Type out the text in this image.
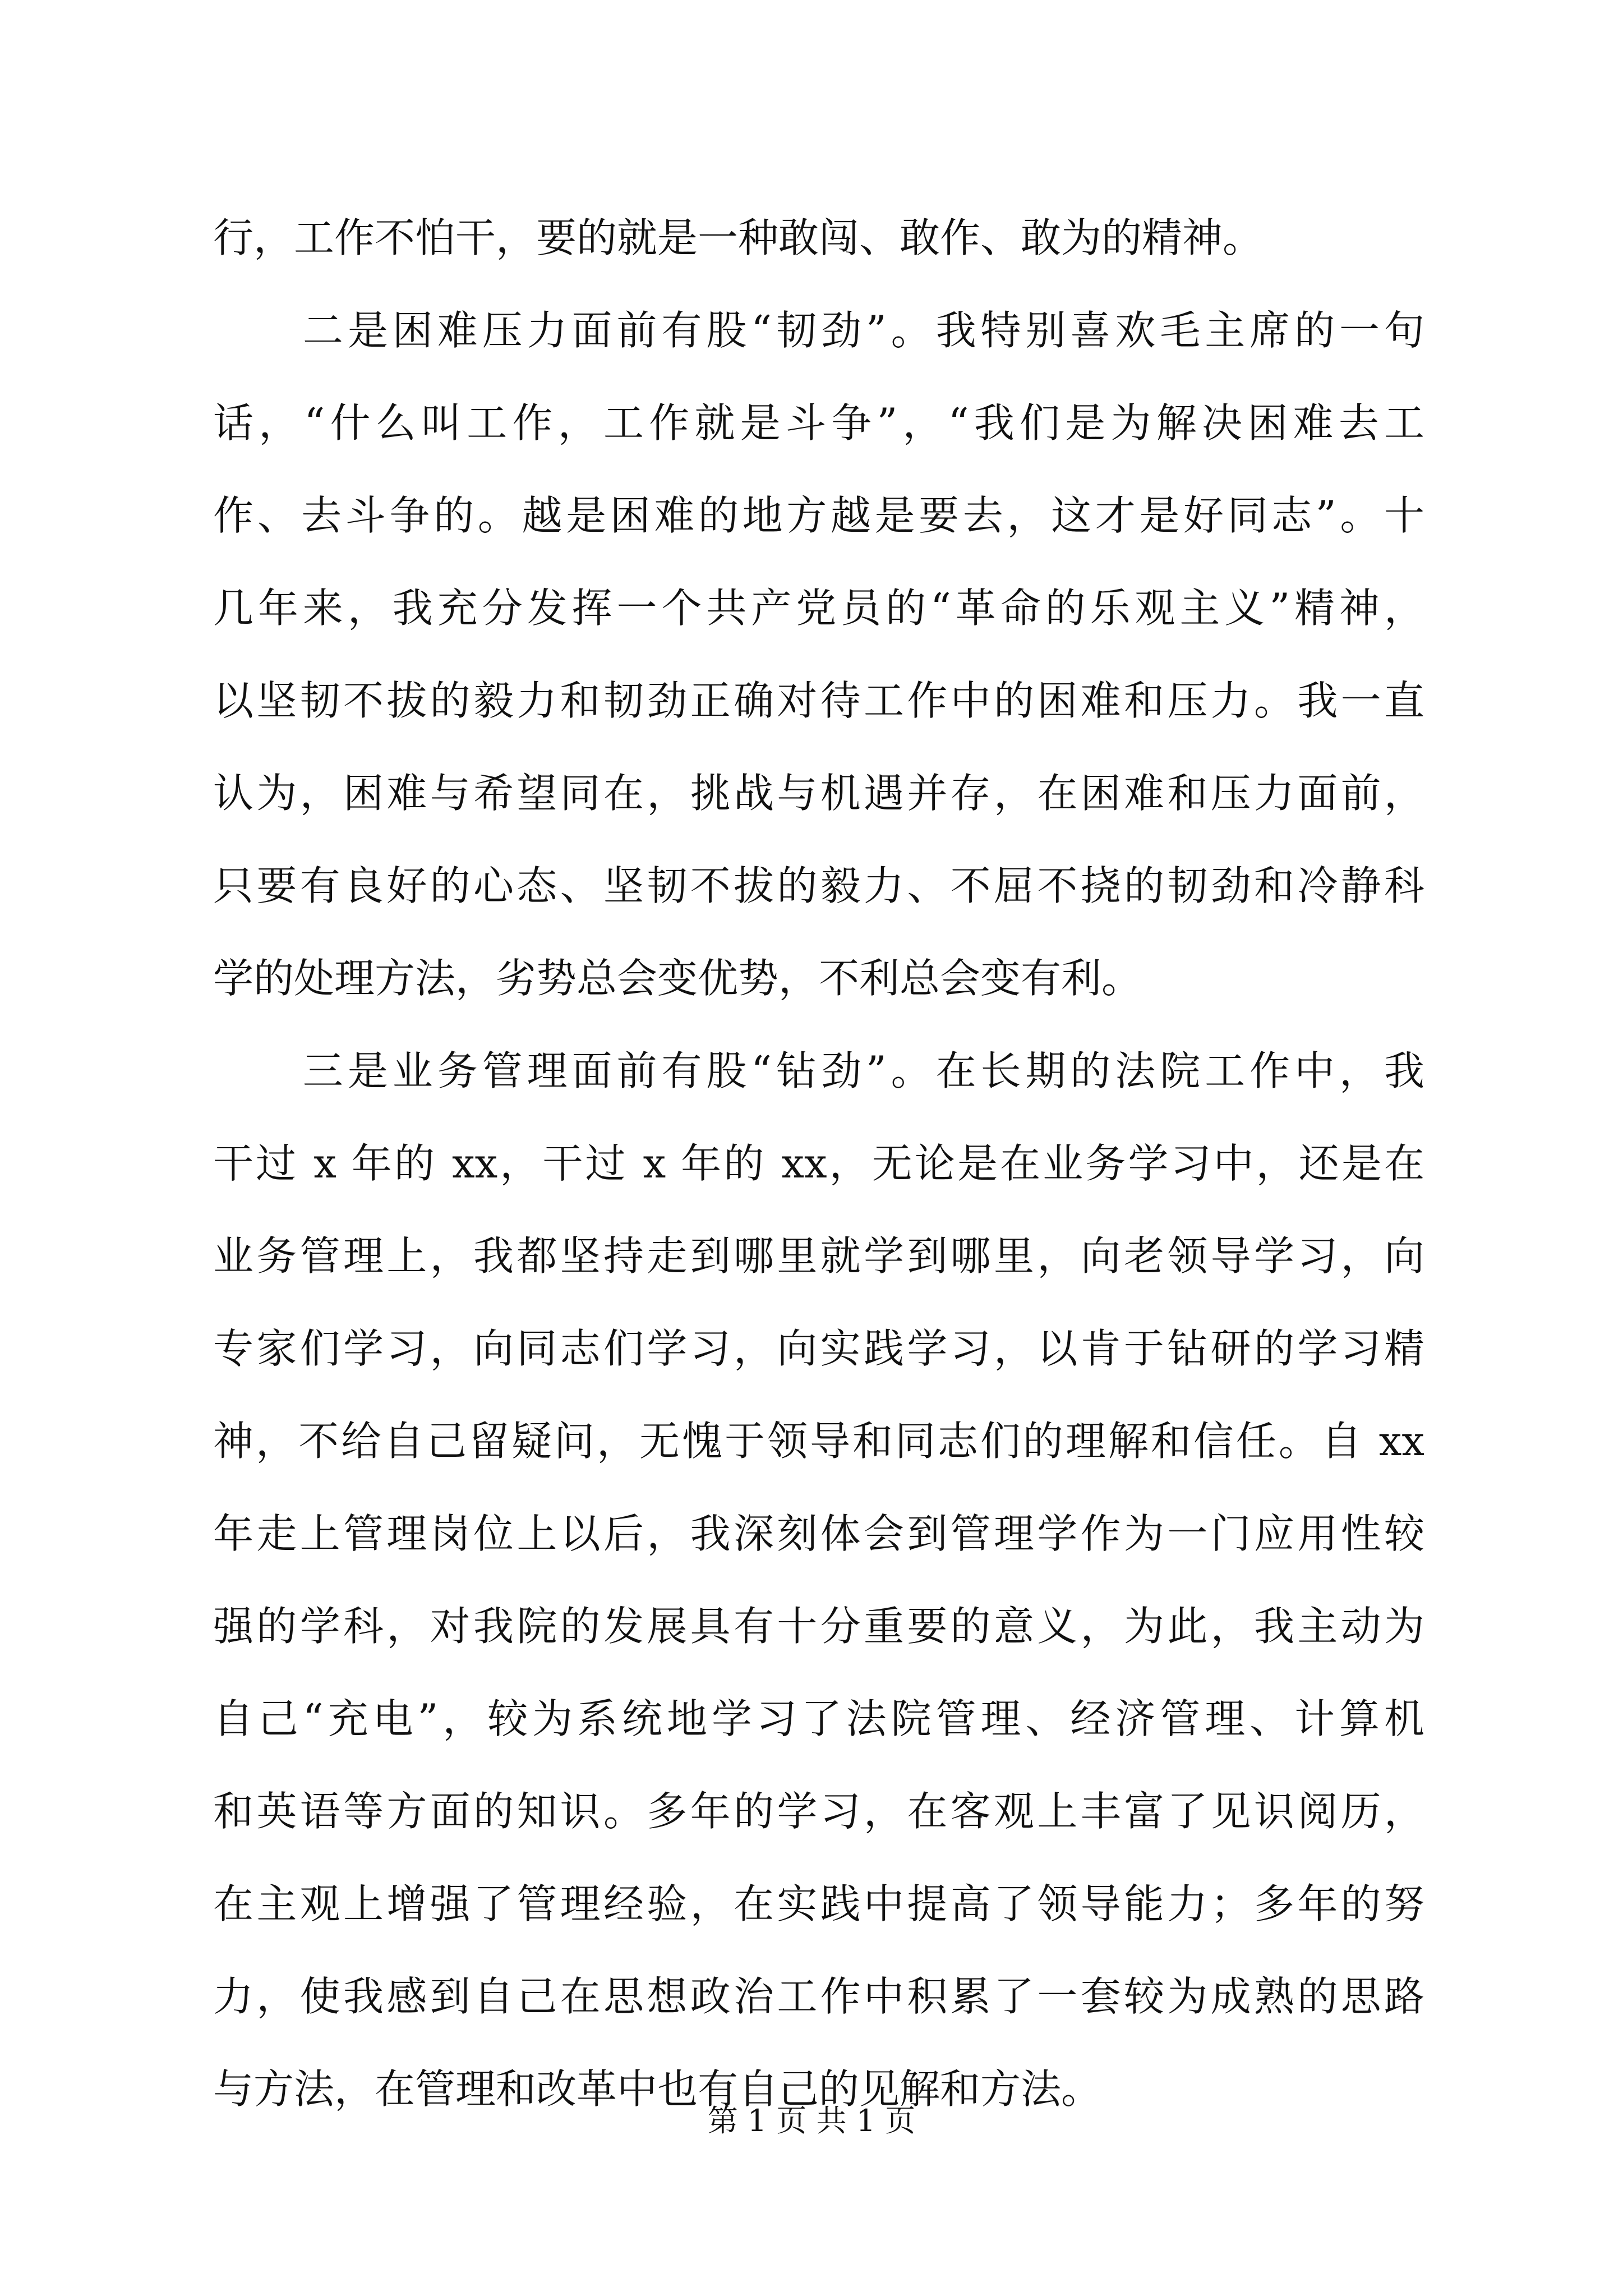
行，工作不怕干，要的就是一种敢闯、敢作、敢为的精神。
　　二是困难压力面前有股“韧劲”。我特别喜欢毛主席的一句
话，“什么叫工作，工作就是斗争”，“我们是为解决困难去工
作、去斗争的。越是困难的地方越是要去，这才是好同志”。十
几年来，我充分发挥一个共产党员的“革命的乐观主义”精神，
以坚韧不拔的毅力和韧劲正确对待工作中的困难和压力。我一直
认为，困难与希望同在，挑战与机遇并存，在困难和压力面前，
只要有良好的心态、坚韧不拔的毅力、不屈不挠的韧劲和冷静科
学的处理方法，劣势总会变优势，不利总会变有利。
　　三是业务管理面前有股“钻劲”。在长期的法院工作中，我
干过 x 年的 xx，干过 x 年的 xx，无论是在业务学习中，还是在
业务管理上，我都坚持走到哪里就学到哪里，向老领导学习，向
专家们学习，向同志们学习，向实践学习，以肯于钻研的学习精
神，不给自己留疑问，无愧于领导和同志们的理解和信任。自 xx
年走上管理岗位上以后，我深刻体会到管理学作为一门应用性较
强的学科，对我院的发展具有十分重要的意义，为此，我主动为
自己“充电”，较为系统地学习了法院管理、经济管理、计算机
和英语等方面的知识。多年的学习，在客观上丰富了见识阅历，
在主观上增强了管理经验，在实践中提高了领导能力；多年的努
力，使我感到自己在思想政治工作中积累了一套较为成熟的思路
与方法，在管理和改革中也有自己的见解和方法。
第 1 页 共 1 页
